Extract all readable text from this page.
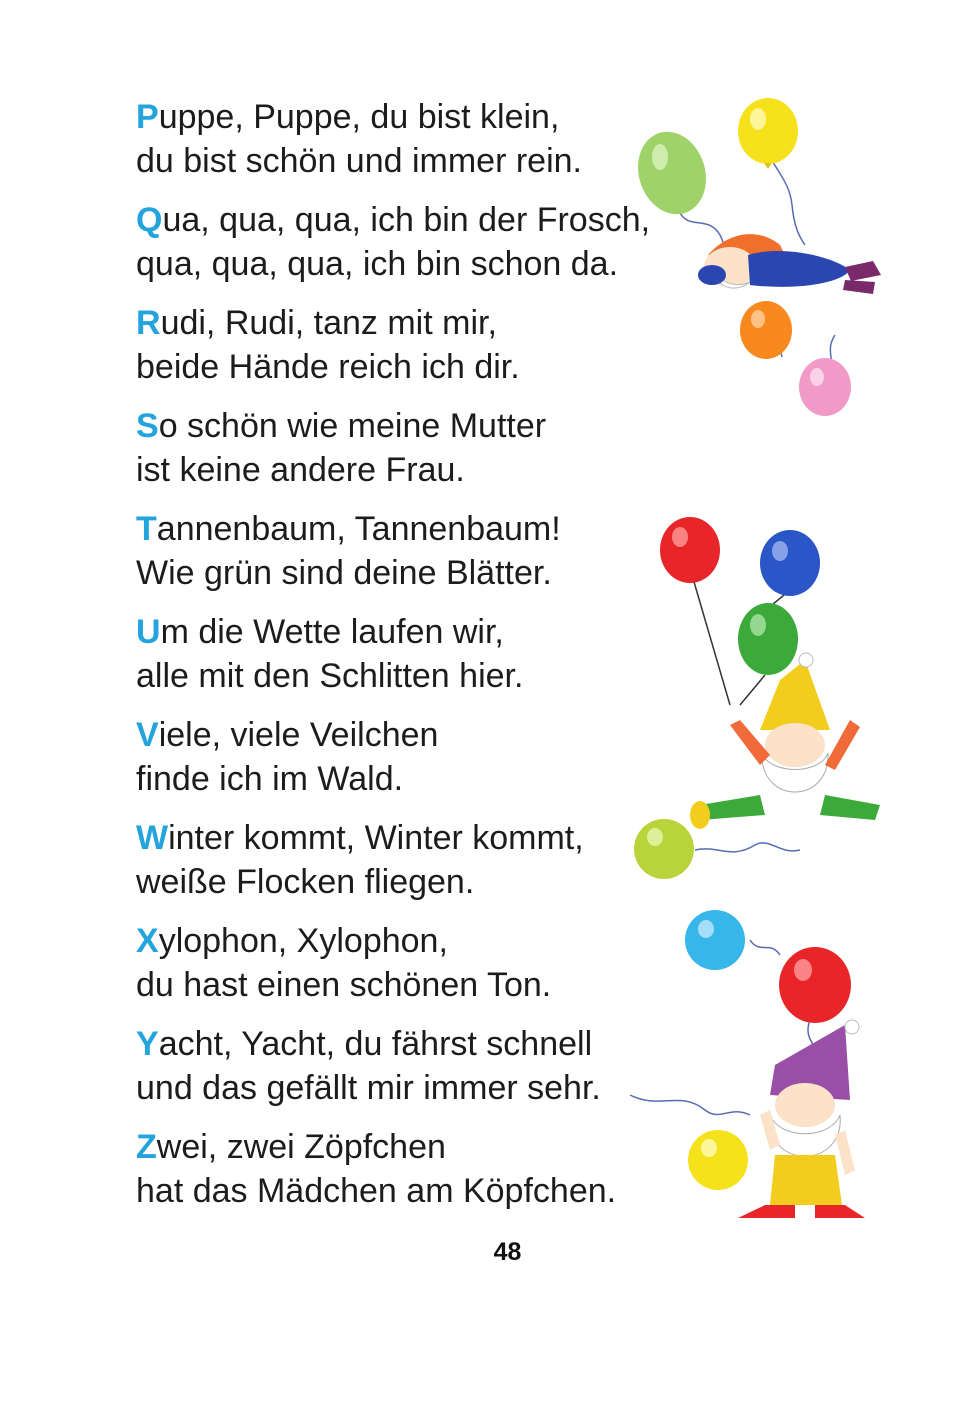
Puppe, Puppe, du bist klein,
du bist schön und immer rein.

Qua, qua, qua, ich bin der Frosch,
qua, qua, qua, ich bin schon da.

Rudi, Rudi, tanz mit mir,
beide Hände reich ich dir.

So schön wie meine Mutter
ist keine andere Frau.

Tannenbaum, Tannenbaum!
Wie grün sind deine Blätter.

Um die Wette laufen wir,
alle mit den Schlitten hier.

Viele, viele Veilchen
finde ich im Wald.

Winter kommt, Winter kommt,
weiße Flocken fliegen.

Xylophon, Xylophon,
du hast einen schönen Ton.

Yacht, Yacht, du fährst schnell
und das gefällt mir immer sehr.

Zwei, zwei Zöpfchen
hat das Mädchen am Köpfchen.

48
